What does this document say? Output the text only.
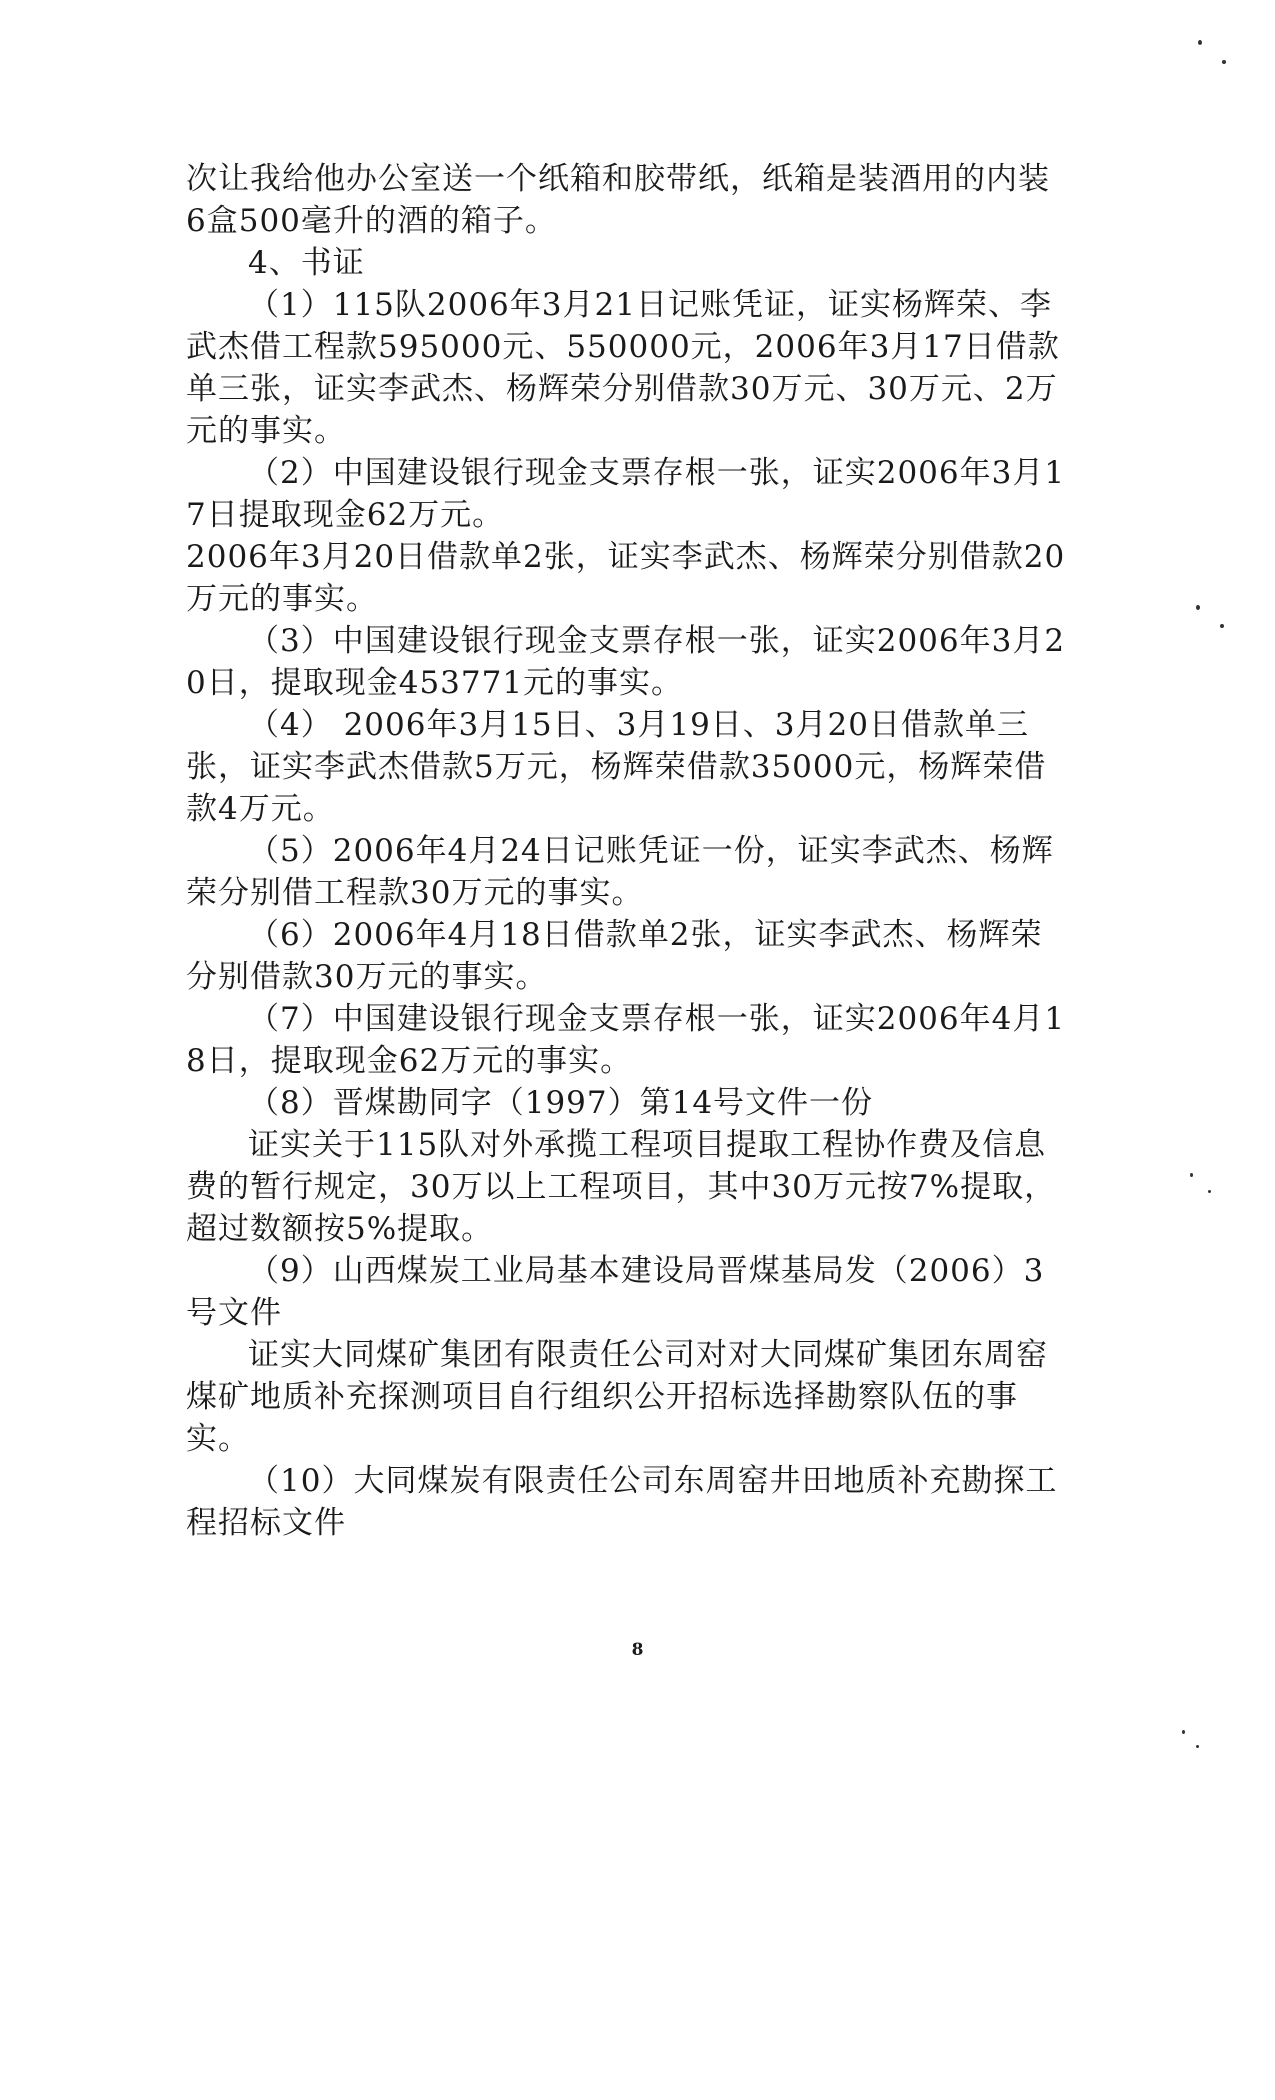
次让我给他办公室送一个纸箱和胶带纸，纸箱是装酒用的内装6盒500毫升的酒的箱子。

4、书证

（1）115队2006年3月21日记账凭证，证实杨辉荣、李武杰借工程款595000元、550000元，2006年3月17日借款单三张，证实李武杰、杨辉荣分别借款30万元、30万元、2万元的事实。

（2）中国建设银行现金支票存根一张，证实2006年3月17日提取现金62万元。

2006年3月20日借款单2张，证实李武杰、杨辉荣分别借款20万元的事实。

（3）中国建设银行现金支票存根一张，证实2006年3月20日，提取现金453771元的事实。

（4） 2006年3月15日、3月19日、3月20日借款单三张，证实李武杰借款5万元，杨辉荣借款35000元，杨辉荣借款4万元。

（5）2006年4月24日记账凭证一份，证实李武杰、杨辉荣分别借工程款30万元的事实。

（6）2006年4月18日借款单2张，证实李武杰、杨辉荣分别借款30万元的事实。

（7）中国建设银行现金支票存根一张，证实2006年4月18日，提取现金62万元的事实。

（8）晋煤勘同字（1997）第14号文件一份

证实关于115队对外承揽工程项目提取工程协作费及信息费的暂行规定，30万以上工程项目，其中30万元按7%提取，超过数额按5%提取。

（9）山西煤炭工业局基本建设局晋煤基局发（2006）3号文件

证实大同煤矿集团有限责任公司对对大同煤矿集团东周窑煤矿地质补充探测项目自行组织公开招标选择勘察队伍的事实。

（10）大同煤炭有限责任公司东周窑井田地质补充勘探工程招标文件

8
